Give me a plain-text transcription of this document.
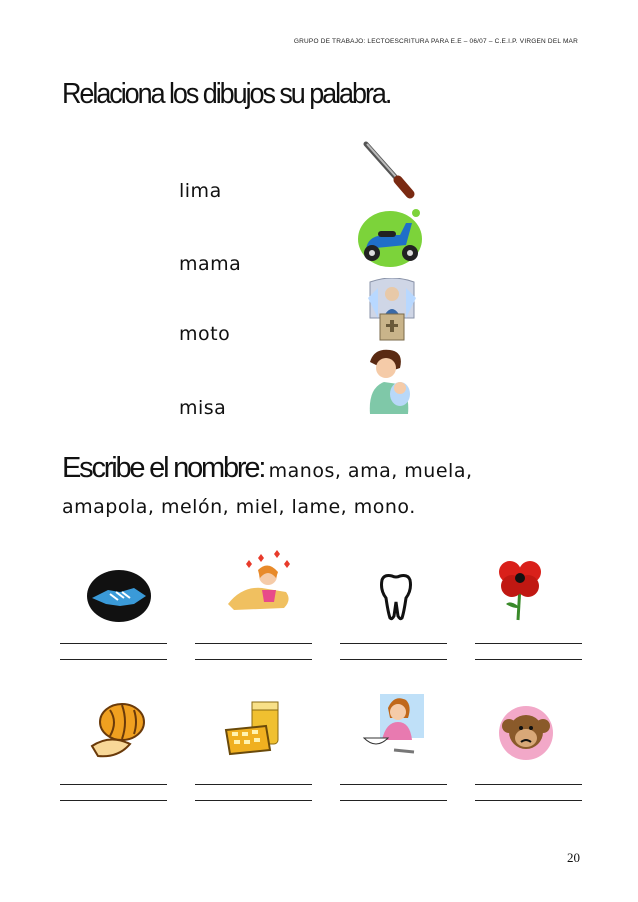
GRUPO DE TRABAJO: LECTOESCRITURA PARA E.E – 06/07 – C.E.I.P. VIRGEN DEL MAR
Relaciona los dibujos su palabra.
lima
mama
moto
misa
Escribe el nombre: manos, ama, muela,
amapola, melón, miel, lame, mono.
20
